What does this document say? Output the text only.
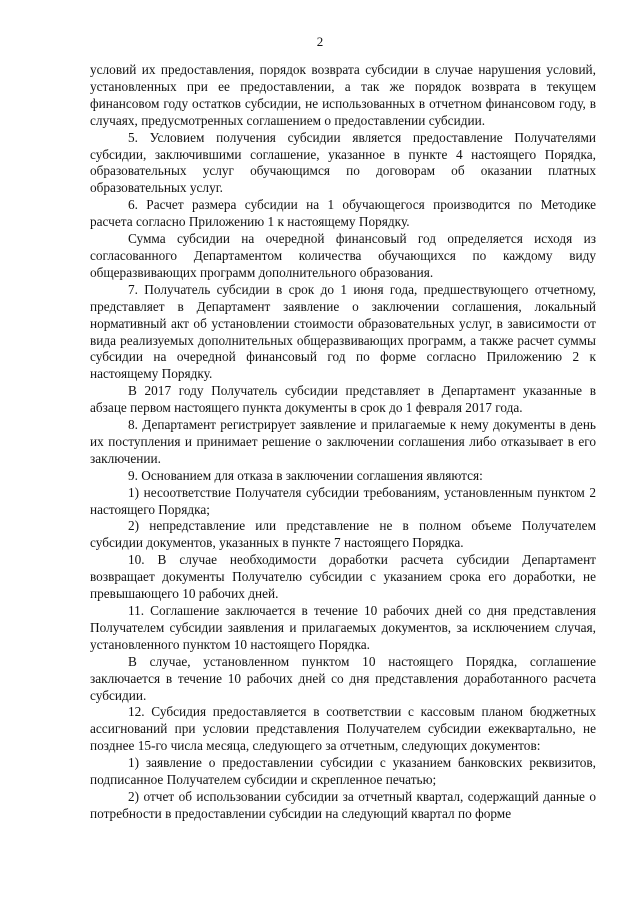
2

условий их предоставления, порядок возврата субсидии в случае нарушения условий, установленных при ее предоставлении, а так же порядок возврата в текущем финансовом году остатков субсидии, не использованных в отчетном финансовом году, в случаях, предусмотренных соглашением о предоставлении субсидии.

5. Условием получения субсидии является предоставление Получателями субсидии, заключившими соглашение, указанное в пункте 4 настоящего Порядка, образовательных услуг обучающимся по договорам об оказании платных образовательных услуг.

6. Расчет размера субсидии на 1 обучающегося производится по Методике расчета согласно Приложению 1 к настоящему Порядку.

Сумма субсидии на очередной финансовый год определяется исходя из согласованного Департаментом количества обучающихся по каждому виду общеразвивающих программ дополнительного образования.

7. Получатель субсидии в срок до 1 июня года, предшествующего отчетному, представляет в Департамент заявление о заключении соглашения, локальный нормативный акт об установлении стоимости образовательных услуг, в зависимости от вида реализуемых дополнительных общеразвивающих программ, а также расчет суммы субсидии на очередной финансовый год по форме согласно Приложению 2 к настоящему Порядку.

В 2017 году Получатель субсидии представляет в Департамент указанные в абзаце первом настоящего пункта документы в срок до 1 февраля 2017 года.

8. Департамент регистрирует заявление и прилагаемые к нему документы в день их поступления и принимает решение о заключении соглашения либо отказывает в его заключении.

9. Основанием для отказа в заключении соглашения являются:

1) несоответствие Получателя субсидии требованиям, установленным пунктом 2 настоящего Порядка;

2) непредставление или представление не в полном объеме Получателем субсидии документов, указанных в пункте 7 настоящего Порядка.

10. В случае необходимости доработки расчета субсидии Департамент возвращает документы Получателю субсидии с указанием срока его доработки, не превышающего 10 рабочих дней.

11. Соглашение заключается в течение 10 рабочих дней со дня представления Получателем субсидии заявления и прилагаемых документов, за исключением случая, установленного пунктом 10 настоящего Порядка.

В случае, установленном пунктом 10 настоящего Порядка, соглашение заключается в течение 10 рабочих дней со дня представления доработанного расчета субсидии.

12. Субсидия предоставляется в соответствии с кассовым планом бюджетных ассигнований при условии представления Получателем субсидии ежеквартально, не позднее 15-го числа месяца, следующего за отчетным, следующих документов:

1) заявление о предоставлении субсидии с указанием банковских реквизитов, подписанное Получателем субсидии и скрепленное печатью;

2) отчет об использовании субсидии за отчетный квартал, содержащий данные о потребности в предоставлении субсидии на следующий квартал по форме
